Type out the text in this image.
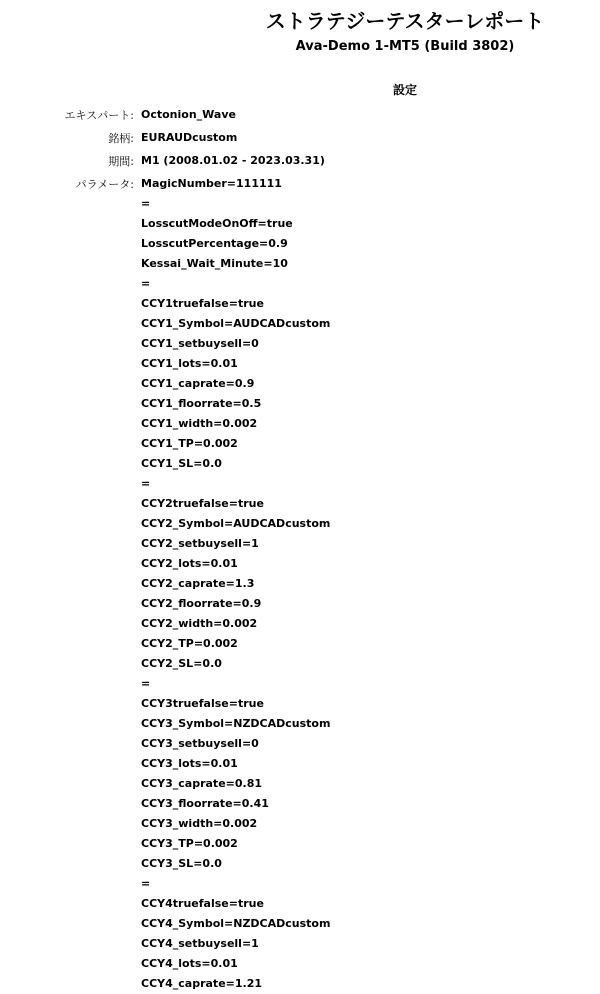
ストラテジーテスターレポート
Ava-Demo 1-MT5 (Build 3802)
設定
エキスパート: Octonion_Wave
銘柄: EURAUDcustom
期間: M1 (2008.01.02 - 2023.03.31)
パラメータ: MagicNumber=111111
=
LosscutModeOnOff=true
LosscutPercentage=0.9
Kessai_Wait_Minute=10
=
CCY1truefalse=true
CCY1_Symbol=AUDCADcustom
CCY1_setbuysell=0
CCY1_lots=0.01
CCY1_caprate=0.9
CCY1_floorrate=0.5
CCY1_width=0.002
CCY1_TP=0.002
CCY1_SL=0.0
=
CCY2truefalse=true
CCY2_Symbol=AUDCADcustom
CCY2_setbuysell=1
CCY2_lots=0.01
CCY2_caprate=1.3
CCY2_floorrate=0.9
CCY2_width=0.002
CCY2_TP=0.002
CCY2_SL=0.0
=
CCY3truefalse=true
CCY3_Symbol=NZDCADcustom
CCY3_setbuysell=0
CCY3_lots=0.01
CCY3_caprate=0.81
CCY3_floorrate=0.41
CCY3_width=0.002
CCY3_TP=0.002
CCY3_SL=0.0
=
CCY4truefalse=true
CCY4_Symbol=NZDCADcustom
CCY4_setbuysell=1
CCY4_lots=0.01
CCY4_caprate=1.21
